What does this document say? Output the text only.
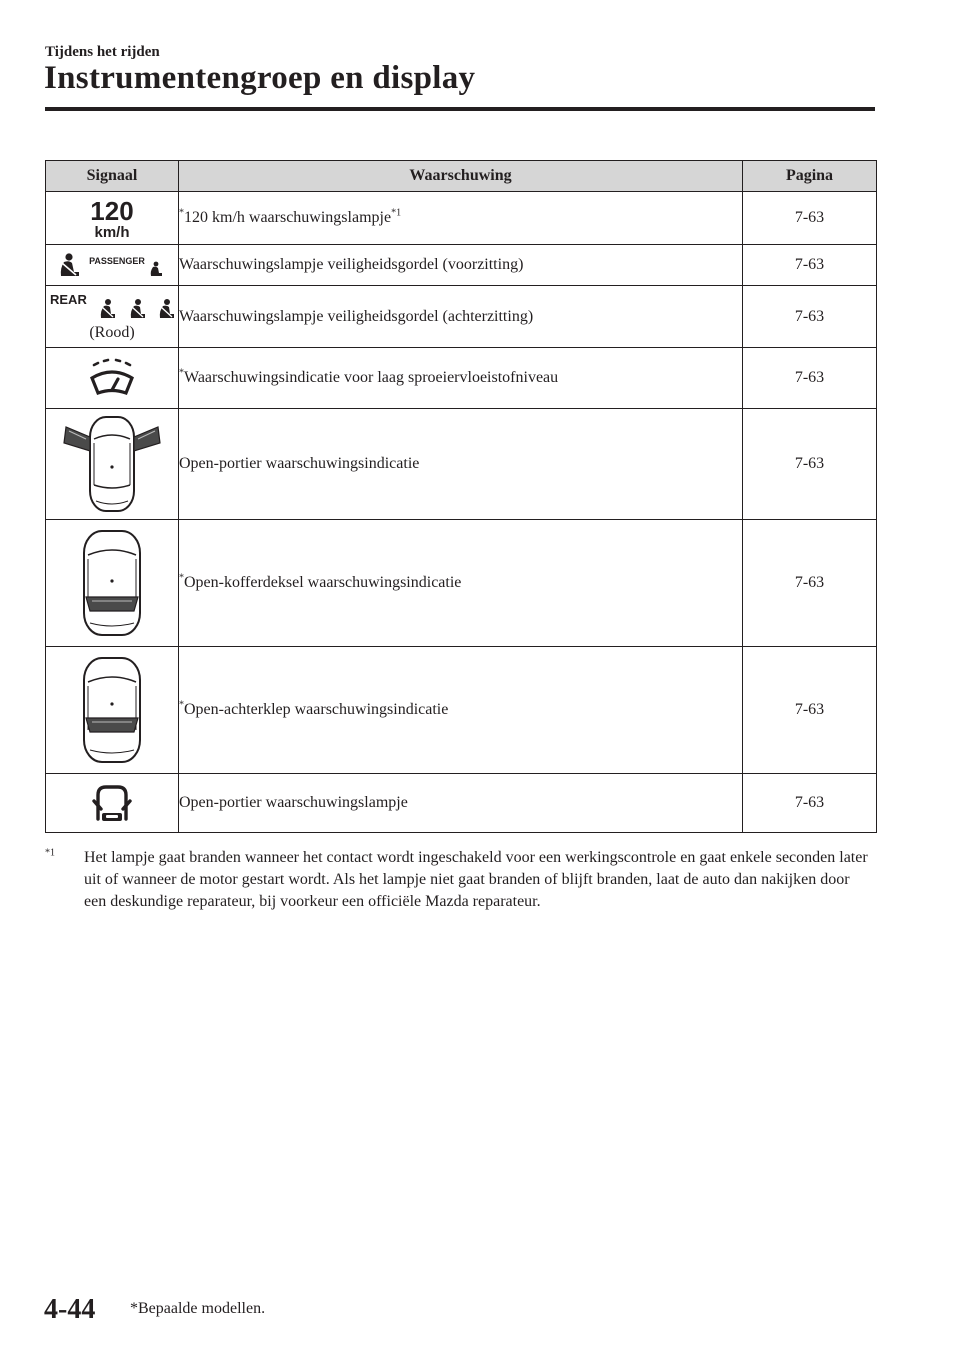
Tijdens het rijden
Instrumentengroep en display
Signaal	Waarschuwing	Pagina

120
km/h	*120 km/h waarschuwingslampje$^{*1}$	7-63

PASSENGER	Waarschuwingslampje veiligheidsgordel (voorzitting)	7-63

REAR
(Rood)	Waarschuwingslampje veiligheidsgordel (achterzitting)	7-63
	*Waarschuwingsindicatie voor laag sproeiervloeistofniveau	7-63
	Open-portier waarschuwingsindicatie	7-63
	*Open-kofferdeksel waarschuwingsindicatie	7-63
	*Open-achterklep waarschuwingsindicatie	7-63
	Open-portier waarschuwingslampje	7-63
$^{*1}$ Het lampje gaat branden wanneer het contact wordt ingeschakeld voor een werkingscontrole en gaat enkele seconden later uit of wanneer de motor gestart wordt. Als het lampje niet gaat branden of blijft branden, laat de auto dan nakijken door een deskundige reparateur, bij voorkeur een officiële Mazda reparateur.
4-44 *Bepaalde modellen.
